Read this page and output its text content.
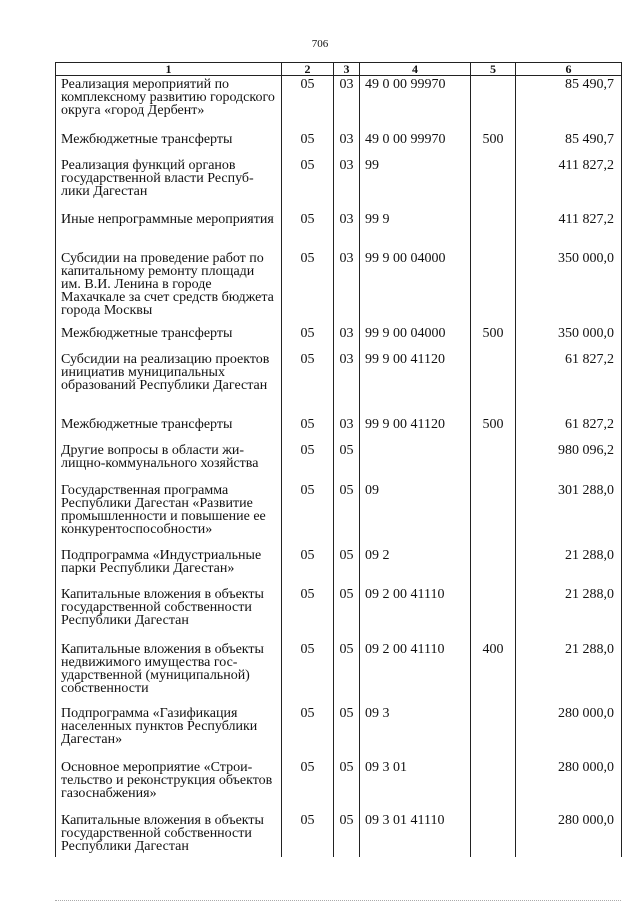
706
1	2	3	4	5	6
Реализация мероприятий по комплексному развитию городского округа «город Дербент»	05	03	49 0 00 99970		85 490,7
Межбюджетные трансферты	05	03	49 0 00 99970	500	85 490,7
Реализация функций органов государственной власти Республики Дагестан	05	03	99		411 827,2
Иные непрограммные мероприятия	05	03	99 9		411 827,2
Субсидии на проведение работ по капитальному ремонту площади им. В.И. Ленина в городе Махачкале за счет средств бюджета города Москвы	05	03	99 9 00 04000		350 000,0
Межбюджетные трансферты	05	03	99 9 00 04000	500	350 000,0
Субсидии на реализацию проектов инициатив муниципальных образований Республики Дагестан	05	03	99 9 00 41120		61 827,2
Межбюджетные трансферты	05	03	99 9 00 41120	500	61 827,2
Другие вопросы в области жилищно-коммунального хозяйства	05	05			980 096,2
Государственная программа Республики Дагестан «Развитие промышленности и повышение ее конкурентоспособности»	05	05	09		301 288,0
Подпрограмма «Индустриальные парки Республики Дагестан»	05	05	09 2		21 288,0
Капитальные вложения в объекты государственной собственности Республики Дагестан	05	05	09 2 00 41110		21 288,0
Капитальные вложения в объекты недвижимого имущества государственной (муниципальной) собственности	05	05	09 2 00 41110	400	21 288,0
Подпрограмма «Газификация населенных пунктов Республики Дагестан»	05	05	09 3		280 000,0
Основное мероприятие «Строительство и реконструкция объектов газоснабжения»	05	05	09 3 01		280 000,0
Капитальные вложения в объекты государственной собственности Республики Дагестан	05	05	09 3 01 41110		280 000,0
